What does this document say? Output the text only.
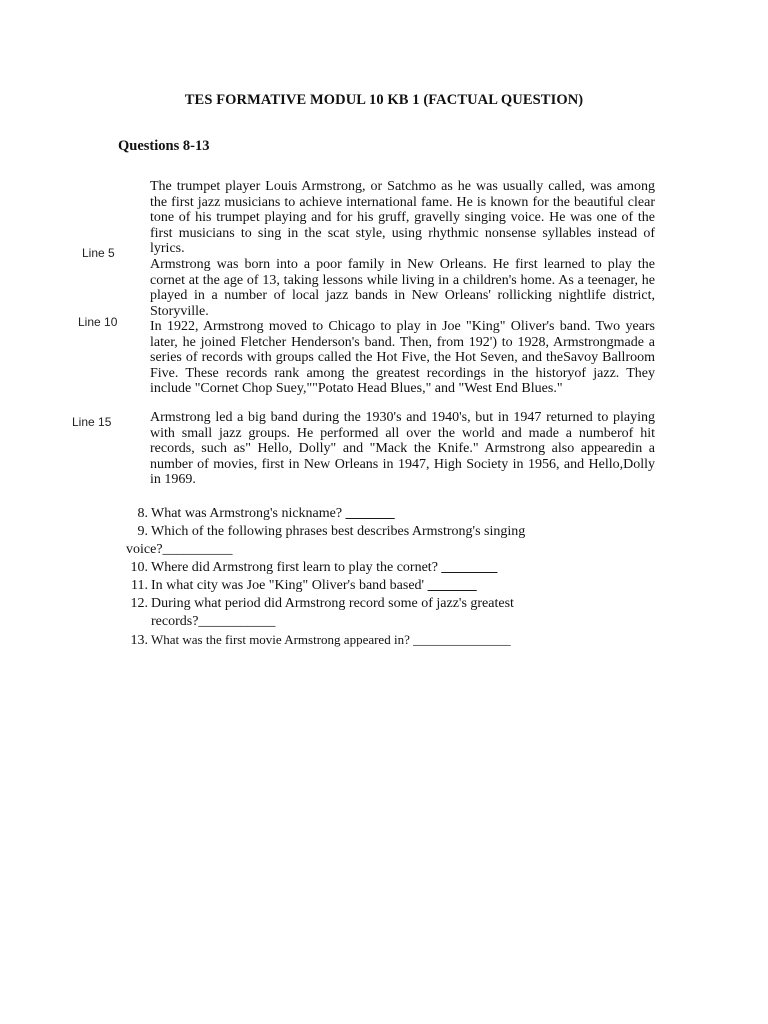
TES FORMATIVE MODUL 10 KB 1 (FACTUAL QUESTION)
Questions 8-13
Line 5
Line 10
Line 15
The trumpet player Louis Armstrong, or Satchmo as he was usually called, was among the first jazz musicians to achieve international fame. He is known for the beautiful clear tone of his trumpet playing and for his gruff, gravelly singing voice. He was one of the first musicians to sing in the scat style, using rhythmic nonsense syllables instead of lyrics.
Armstrong was born into a poor family in New Orleans. He first learned to play the cornet at the age of 13, taking lessons while living in a children's home. As a teenager, he played in a number of local jazz bands in New Orleans' rollicking nightlife district, Storyville.
In 1922, Armstrong moved to Chicago to play in Joe "King" Oliver's band. Two years later, he joined Fletcher Henderson's band. Then, from 192') to 1928, Armstrongmade a series of records with groups called the Hot Five, the Hot Seven, and theSavoy Ballroom Five. These records rank among the greatest recordings in the historyof jazz. They include "Cornet Chop Suey,""Potato Head Blues," and "West End Blues."
Armstrong led a big band during the 1930's and 1940's, but in 1947 returned to playing with small jazz groups. He performed all over the world and made a numberof hit records, such as" Hello, Dolly" and "Mack the Knife." Armstrong also appearedin a number of movies, first in New Orleans in 1947, High Society in 1956, and Hello,Dolly in 1969.
8. What was Armstrong's nickname? _______
9. Which of the following phrases best describes Armstrong's singing
voice?__________
10. Where did Armstrong first learn to play the cornet? ________
11. In what city was Joe "King" Oliver's band based' _______
12. During what period did Armstrong record some of jazz's greatest
records?___________
13. What was the first movie Armstrong appeared in? _______________
